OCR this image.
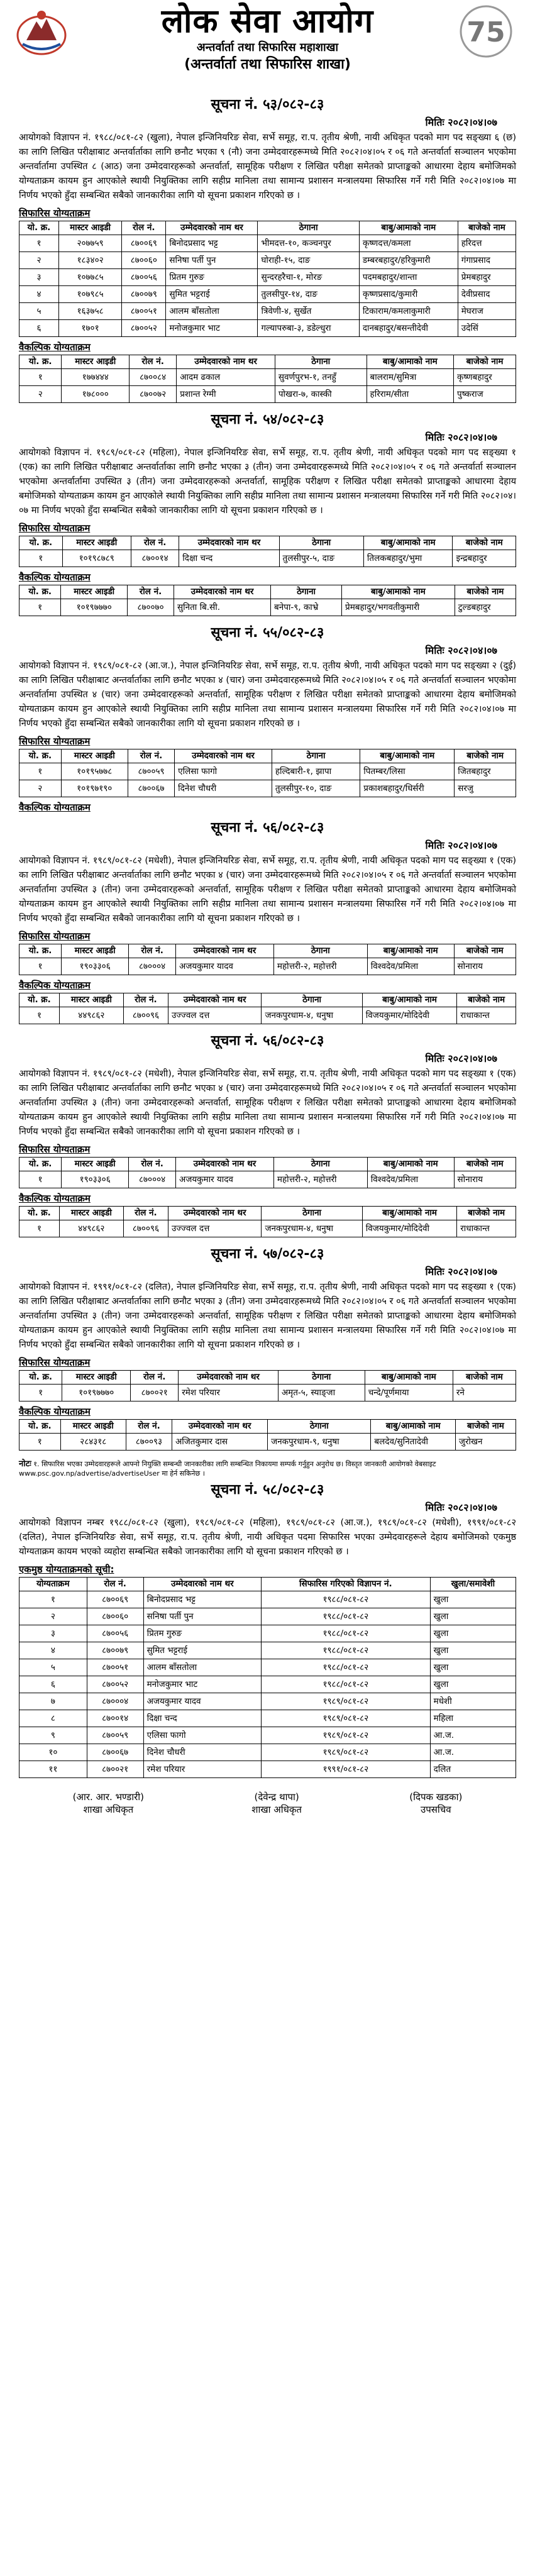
लोक सेवा आयोग
अन्तर्वार्ता तथा सिफारिस महाशाखा
(अन्तर्वार्ता तथा सिफारिस शाखा)
75
सूचना नं. ५३/०८२-८३
मितिः २०८२।०४।०७
आयोगको विज्ञापन नं. १९८८/०८१-८२ (खुला), नेपाल इन्जिनियरिङ सेवा, सर्भे समूह, रा.प. तृतीय श्रेणी, नायी अधिकृत पदको माग पद सङ्ख्या ६ (छ) का लागि लिखित परीक्षाबाट अन्तर्वार्ताका लागि छनौट भएका ९ (नौ) जना उम्मेदवारहरूमध्ये मिति २०८२।०४।०५ र ०६ गते अन्तर्वार्ता सञ्चालन भएकोमा अन्तर्वार्तामा उपस्थित ८ (आठ) जना उम्मेदवारहरूको अन्तर्वार्ता, सामूहिक परीक्षण र लिखित परीक्षा समेतको प्राप्ताङ्कको आधारमा देहाय बमोजिमको योग्यताक्रम कायम हुन आएकोले स्थायी नियुक्तिका लागि सहीप्र मानिला तथा सामान्य प्रशासन मन्त्रालयमा सिफारिस गर्ने गरी मिति २०८२।०४।०७ मा निर्णय भएको हुँदा सम्बन्धित सबैको जानकारीका लागि यो सूचना प्रकाशन गरिएको छ ।
सिफारिस योग्यताक्रम
यो. क्र.	मास्टर आइडी	रोल नं.	उम्मेदवारको नाम थर	ठेगाना	बाबु/आमाको नाम	बाजेको नाम
१	२०७७५९	८७००६९	बिनोदप्रसाद भट्ट	भीमदत्त-१०, कञ्चनपुर	कृष्णदत्त/कमला	हरिदत्त
२	१८३४०२	८७००६०	सनिषा पर्ती पुन	घोराही-१५, दाङ	डम्बरबहादुर/हरिकुमारी	गंगाप्रसाद
३	१०७७८५	८७००५६	प्रितम गुरुङ	सुन्दरहरैचा-१, मोरङ	पदमबहादुर/शान्ता	प्रेमबहादुर
४	१०७९८५	८७००७९	सुमित भट्टराई	तुलसीपुर-१४, दाङ	कृष्णप्रसाद/कुमारी	देवीप्रसाद
५	१६३७५८	८७००५१	आलम बाँसतोला	त्रिवेणी-४, सुर्खेत	टिकाराम/कमलाकुमारी	मेघराज
६	१७०१	८७००५२	मनोजकुमार भाट	गल्यापरुबा-३, डडेल्धुरा	दानबहादुर/बसन्तीदेवी	उदेसिं
वैकल्पिक योग्यताक्रम
यो. क्र.	मास्टर आइडी	रोल नं.	उम्मेदवारको नाम थर	ठेगाना	बाबु/आमाको नाम	बाजेको नाम
१	१७७४४४	८७००८४	आदम ढकाल	सुवर्णपुरभ-१, तनहुँ	बालराम/सुमित्रा	कृष्णबहादुर
२	१७८०००	८७००७२	प्रशान्त रेग्मी	पोखरा-७, कास्की	हरिराम/सीता	पुष्कराज
सूचना नं. ५४/०८२-८३
मितिः २०८२।०४।०७
आयोगको विज्ञापन नं. १९८९/०८१-८२ (महिला), नेपाल इन्जिनियरिङ सेवा, सर्भे समूह, रा.प. तृतीय श्रेणी, नायी अधिकृत पदको माग पद सङ्ख्या १ (एक) का लागि लिखित परीक्षाबाट अन्तर्वार्ताका लागि छनौट भएका ३ (तीन) जना उम्मेदवारहरूमध्ये मिति २०८२।०४।०५ र ०६ गते अन्तर्वार्ता सञ्चालन भएकोमा अन्तर्वार्तामा उपस्थित ३ (तीन) जना उम्मेदवारहरूको अन्तर्वार्ता, सामूहिक परीक्षण र लिखित परीक्षा समेतको प्राप्ताङ्कको आधारमा देहाय बमोजिमको योग्यताक्रम कायम हुन आएकोले स्थायी नियुक्तिका लागि सहीप्र मानिला तथा सामान्य प्रशासन मन्त्रालयमा सिफारिस गर्ने गरी मिति २०८२।०४।०७ मा निर्णय भएको हुँदा सम्बन्धित सबैको जानकारीका लागि यो सूचना प्रकाशन गरिएको छ ।
सिफारिस योग्यताक्रम
यो. क्र.	मास्टर आइडी	रोल नं.	उम्मेदवारको नाम थर	ठेगाना	बाबु/आमाको नाम	बाजेको नाम
१	१०१९८७८९	८७००१४	दिक्षा चन्द	तुलसीपुर-५, दाङ	तिलकबहादुर/भुमा	इन्द्रबहादुर
वैकल्पिक योग्यताक्रम
यो. क्र.	मास्टर आइडी	रोल नं.	उम्मेदवारको नाम थर	ठेगाना	बाबु/आमाको नाम	बाजेको नाम
१	१०१९७७७०	८७००७०	सुनिता बि.सी.	बनेपा-९, काभ्रे	प्रेमबहादुर/भगवतीकुमारी	टुल्डबहादुर
सूचना नं. ५५/०८२-८३
मितिः २०८२।०४।०७
आयोगको विज्ञापन नं. १९८९/०८१-८२ (आ.ज.), नेपाल इन्जिनियरिङ सेवा, सर्भे समूह, रा.प. तृतीय श्रेणी, नायी अधिकृत पदको माग पद सङ्ख्या २ (दुई) का लागि लिखित परीक्षाबाट अन्तर्वार्ताका लागि छनौट भएका ४ (चार) जना उम्मेदवारहरूमध्ये मिति २०८२।०४।०५ र ०६ गते अन्तर्वार्ता सञ्चालन भएकोमा अन्तर्वार्तामा उपस्थित ४ (चार) जना उम्मेदवारहरूको अन्तर्वार्ता, सामूहिक परीक्षण र लिखित परीक्षा समेतको प्राप्ताङ्कको आधारमा देहाय बमोजिमको योग्यताक्रम कायम हुन आएकोले स्थायी नियुक्तिका लागि सहीप्र मानिला तथा सामान्य प्रशासन मन्त्रालयमा सिफारिस गर्ने गरी मिति २०८२।०४।०७ मा निर्णय भएको हुँदा सम्बन्धित सबैको जानकारीका लागि यो सूचना प्रकाशन गरिएको छ ।
सिफारिस योग्यताक्रम
यो. क्र.	मास्टर आइडी	रोल नं.	उम्मेदवारको नाम थर	ठेगाना	बाबु/आमाको नाम	बाजेको नाम
१	१०१९५७७८	८७००५९	एलिसा फागो	हल्दिबारी-१, झापा	पितम्बर/लिसा	जितबहादुर
२	१०१९७१९०	८७००६७	दिनेश चौधरी	तुलसीपुर-१०, दाङ	प्रकाशबहादुर/धिर्सरी	सरजु
वैकल्पिक योग्यताक्रम
सूचना नं. ५६/०८२-८३
मितिः २०८२।०४।०७
आयोगको विज्ञापन नं. १९८९/०८१-८२ (मधेशी), नेपाल इन्जिनियरिङ सेवा, सर्भे समूह, रा.प. तृतीय श्रेणी, नायी अधिकृत पदको माग पद सङ्ख्या १ (एक) का लागि लिखित परीक्षाबाट अन्तर्वार्ताका लागि छनौट भएका ४ (चार) जना उम्मेदवारहरूमध्ये मिति २०८२।०४।०५ र ०६ गते अन्तर्वार्ता सञ्चालन भएकोमा अन्तर्वार्तामा उपस्थित ३ (तीन) जना उम्मेदवारहरूको अन्तर्वार्ता, सामूहिक परीक्षण र लिखित परीक्षा समेतको प्राप्ताङ्कको आधारमा देहाय बमोजिमको योग्यताक्रम कायम हुन आएकोले स्थायी नियुक्तिका लागि सहीप्र मानिला तथा सामान्य प्रशासन मन्त्रालयमा सिफारिस गर्ने गरी मिति २०८२।०४।०७ मा निर्णय भएको हुँदा सम्बन्धित सबैको जानकारीका लागि यो सूचना प्रकाशन गरिएको छ ।
सिफारिस योग्यताक्रम
यो. क्र.	मास्टर आइडी	रोल नं.	उम्मेदवारको नाम थर	ठेगाना	बाबु/आमाको नाम	बाजेको नाम
१	१९०३३०६	८७०००४	अजयकुमार यादव	महोत्तरी-२, महोत्तरी	विश्वदेव/प्रमिला	सोनाराय
वैकल्पिक योग्यताक्रम
यो. क्र.	मास्टर आइडी	रोल नं.	उम्मेदवारको नाम थर	ठेगाना	बाबु/आमाको नाम	बाजेको नाम
१	४४९८६२	८७००९६	उज्ज्वल दत्त	जनकपुरधाम-४, धनुषा	विजयकुमार/मोदिदेवी	राधाकान्त
सूचना नं. ५६/०८२-८३
मितिः २०८२।०४।०७
आयोगको विज्ञापन नं. १९८९/०८१-८२ (मधेशी), नेपाल इन्जिनियरिङ सेवा, सर्भे समूह, रा.प. तृतीय श्रेणी, नायी अधिकृत पदको माग पद सङ्ख्या १ (एक) का लागि लिखित परीक्षाबाट अन्तर्वार्ताका लागि छनौट भएका ४ (चार) जना उम्मेदवारहरूमध्ये मिति २०८२।०४।०५ र ०६ गते अन्तर्वार्ता सञ्चालन भएकोमा अन्तर्वार्तामा उपस्थित ३ (तीन) जना उम्मेदवारहरूको अन्तर्वार्ता, सामूहिक परीक्षण र लिखित परीक्षा समेतको प्राप्ताङ्कको आधारमा देहाय बमोजिमको योग्यताक्रम कायम हुन आएकोले स्थायी नियुक्तिका लागि सहीप्र मानिला तथा सामान्य प्रशासन मन्त्रालयमा सिफारिस गर्ने गरी मिति २०८२।०४।०७ मा निर्णय भएको हुँदा सम्बन्धित सबैको जानकारीका लागि यो सूचना प्रकाशन गरिएको छ ।
सिफारिस योग्यताक्रम
यो. क्र.	मास्टर आइडी	रोल नं.	उम्मेदवारको नाम थर	ठेगाना	बाबु/आमाको नाम	बाजेको नाम
१	१९०३३०६	८७०००४	अजयकुमार यादव	महोत्तरी-२, महोत्तरी	विश्वदेव/प्रमिला	सोनाराय
वैकल्पिक योग्यताक्रम
यो. क्र.	मास्टर आइडी	रोल नं.	उम्मेदवारको नाम थर	ठेगाना	बाबु/आमाको नाम	बाजेको नाम
१	४४९८६२	८७००९६	उज्ज्वल दत्त	जनकपुरधाम-४, धनुषा	विजयकुमार/मोदिदेवी	राधाकान्त
सूचना नं. ५७/०८२-८३
मितिः २०८२।०४।०७
आयोगको विज्ञापन नं. १९९१/०८१-८२ (दलित), नेपाल इन्जिनियरिङ सेवा, सर्भे समूह, रा.प. तृतीय श्रेणी, नायी अधिकृत पदको माग पद सङ्ख्या १ (एक) का लागि लिखित परीक्षाबाट अन्तर्वार्ताका लागि छनौट भएका ३ (तीन) जना उम्मेदवारहरूमध्ये मिति २०८२।०४।०५ र ०६ गते अन्तर्वार्ता सञ्चालन भएकोमा अन्तर्वार्तामा उपस्थित ३ (तीन) जना उम्मेदवारहरूको अन्तर्वार्ता, सामूहिक परीक्षण र लिखित परीक्षा समेतको प्राप्ताङ्कको आधारमा देहाय बमोजिमको योग्यताक्रम कायम हुन आएकोले स्थायी नियुक्तिका लागि सहीप्र मानिला तथा सामान्य प्रशासन मन्त्रालयमा सिफारिस गर्ने गरी मिति २०८२।०४।०७ मा निर्णय भएको हुँदा सम्बन्धित सबैको जानकारीका लागि यो सूचना प्रकाशन गरिएको छ ।
सिफारिस योग्यताक्रम
यो. क्र.	मास्टर आइडी	रोल नं.	उम्मेदवारको नाम थर	ठेगाना	बाबु/आमाको नाम	बाजेको नाम
१	१०१९७७७०	८७००२१	रमेश परियार	अमृत-५, स्याङ्जा	चन्दे/पूर्णमाया	रने
वैकल्पिक योग्यताक्रम
यो. क्र.	मास्टर आइडी	रोल नं.	उम्मेदवारको नाम थर	ठेगाना	बाबु/आमाको नाम	बाजेको नाम
१	२८४३१८	८७००९३	अजितकुमार दास	जनकपुरधाम-९, धनुषा	बलदेव/सुनितादेवी	जुरोखन
नोटः १. सिफारिस भएका उम्मेदवारहरूले आफ्नो नियुक्ति सम्बन्धी जानकारीका लागि सम्बन्धित निकायमा सम्पर्क गर्नुहुन अनुरोध छ। विस्तृत जानकारी आयोगको वेबसाइट www.psc.gov.np/advertise/advertiseUser मा हेर्न सकिनेछ ।
सूचना नं. ५८/०८२-८३
मितिः २०८२।०४।०७
आयोगको विज्ञापन नम्बर १९८८/०८१-८२ (खुला), १९८९/०८१-८२ (महिला), १९८९/०८१-८२ (आ.ज.), १९८९/०८१-८२ (मधेशी), १९९१/०८१-८२ (दलित), नेपाल इन्जिनियरिङ सेवा, सर्भे समूह, रा.प. तृतीय श्रेणी, नायी अधिकृत पदमा सिफारिस भएका उम्मेदवारहरूले देहाय बमोजिमको एकमुष्ठ योग्यताक्रम कायम भएको व्यहोरा सम्बन्धित सबैको जानकारीका लागि यो सूचना प्रकाशन गरिएको छ ।
एकमुष्ठ योग्यताक्रमको सूची:
योग्यताक्रम	रोल नं.	उम्मेदवारको नाम थर	सिफारिस गरिएको विज्ञापन नं.	खुला/समावेशी
१	८७००६९	बिनोदप्रसाद भट्ट	१९८८/०८१-८२	खुला
२	८७००६०	सनिषा पर्ती पुन	१९८८/०८१-८२	खुला
३	८७००५६	प्रितम गुरुङ	१९८८/०८१-८२	खुला
४	८७००७९	सुमित भट्टराई	१९८८/०८१-८२	खुला
५	८७००५१	आलम बाँसतोला	१९८८/०८१-८२	खुला
६	८७००५२	मनोजकुमार भाट	१९८८/०८१-८२	खुला
७	८७०००४	अजयकुमार यादव	१९८९/०८१-८२	मधेशी
८	८७००१४	दिक्षा चन्द	१९८९/०८१-८२	महिला
९	८७००५९	एलिसा फागो	१९८९/०८१-८२	आ.ज.
१०	८७००६७	दिनेश चौधरी	१९८९/०८१-८२	आ.ज.
११	८७००२१	रमेश परियार	१९९१/०८१-८२	दलित
(आर. आर. भण्डारी)
शाखा अधिकृत
(देवेन्द्र थापा)
शाखा अधिकृत
(दिपक खडका)
उपसचिव
